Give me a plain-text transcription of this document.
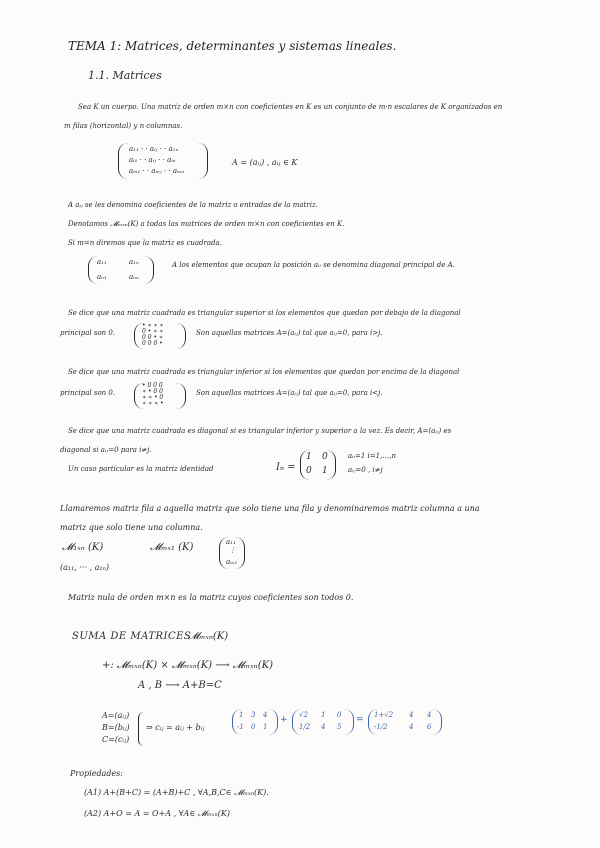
TEMA 1: Matrices, determinantes y sistemas lineales.
1.1. Matrices
Sea K un cuerpo. Una matriz de orden m×n con coeficientes en K es un conjunto de m·n escalares de K organizados en
m filas (horizontal) y n columnas.
a₁₁ · · aᵢⱼ · · a₁ₙ
aᵢ₁ · · aᵢⱼ · · aᵢₙ
aₘ₁ · · aₘⱼ · · aₘₙ
A = (aᵢⱼ) , aᵢⱼ ∈ K
A aᵢⱼ se les denomina coeficientes de la matriz o entradas de la matriz.
Denotamos 𝓜ₘₓₙ(K) a todas las matrices de orden m×n con coeficientes en K.
Si m=n diremos que la matriz es cuadrada.
a₁₁	a₁ₙ
aₙ₁	aₙₙ
A los elementos que ocupan la posición aᵢᵢ se denomina diagonal principal de A.
Se dice que una matriz cuadrada es triangular superior si los elementos que quedan por debajo de la diagonal
principal son 0.
• ∗ ∗ ∗
0 • ∗ ∗
0 0 • ∗
0 0 0 •
Son aquellas matrices A=(aᵢⱼ) tal que aᵢⱼ=0, para i>j.
Se dice que una matriz cuadrada es triangular inferior si los elementos que quedan por encima de la diagonal
principal son 0.
• 0 0 0
∗ • 0 0
∗ ∗ • 0
∗ ∗ ∗ •
Son aquellas matrices A=(aᵢⱼ) tal que aᵢⱼ=0, para i<j.
Se dice que una matriz cuadrada es diagonal si es triangular inferior y superior a la vez. Es decir, A=(aᵢⱼ) es
diagonal si aᵢⱼ=0 para i≠j.
Un caso particular es la matriz identidad	Iₙ =
1 0
0 1
aᵢᵢ=1 i=1,…,n
aᵢⱼ=0 , i≠j
Llamaremos matriz fila a aquella matriz que solo tiene una fila y denominaremos matriz columna a una
matriz que solo tiene una columna.
𝓜₁ₓₙ (K)	𝓜ₘₓ₁ (K)
(a₁₁, ··· , a₁ₙ)
a₁₁
⋮
aₘ₁
Matriz nula de orden m×n es la matriz cuyos coeficientes son todos 0.
SUMA DE MATRICES
𝓜ₘₓₙ(K)
+: 𝓜ₘₓₙ(K) × 𝓜ₘₓₙ(K) ⟶ 𝓜ₘₓₙ(K)
A , B ⟶ A+B=C
A=(aᵢⱼ)
B=(bᵢⱼ)
C=(cᵢⱼ)
⇒ cᵢⱼ = aᵢⱼ + bᵢⱼ
1 3 4
-1 0 1
+ √2 1 0
1/2 4 5
= 1+√2 4 4
-1/2	4 6
Propiedades:
(A1) A+(B+C) = (A+B)+C , ∀A,B,C∈ 𝓜ₘₓₙ(K).
(A2) A+O = A = O+A , ∀A∈ 𝓜ₘₓₙ(K)
